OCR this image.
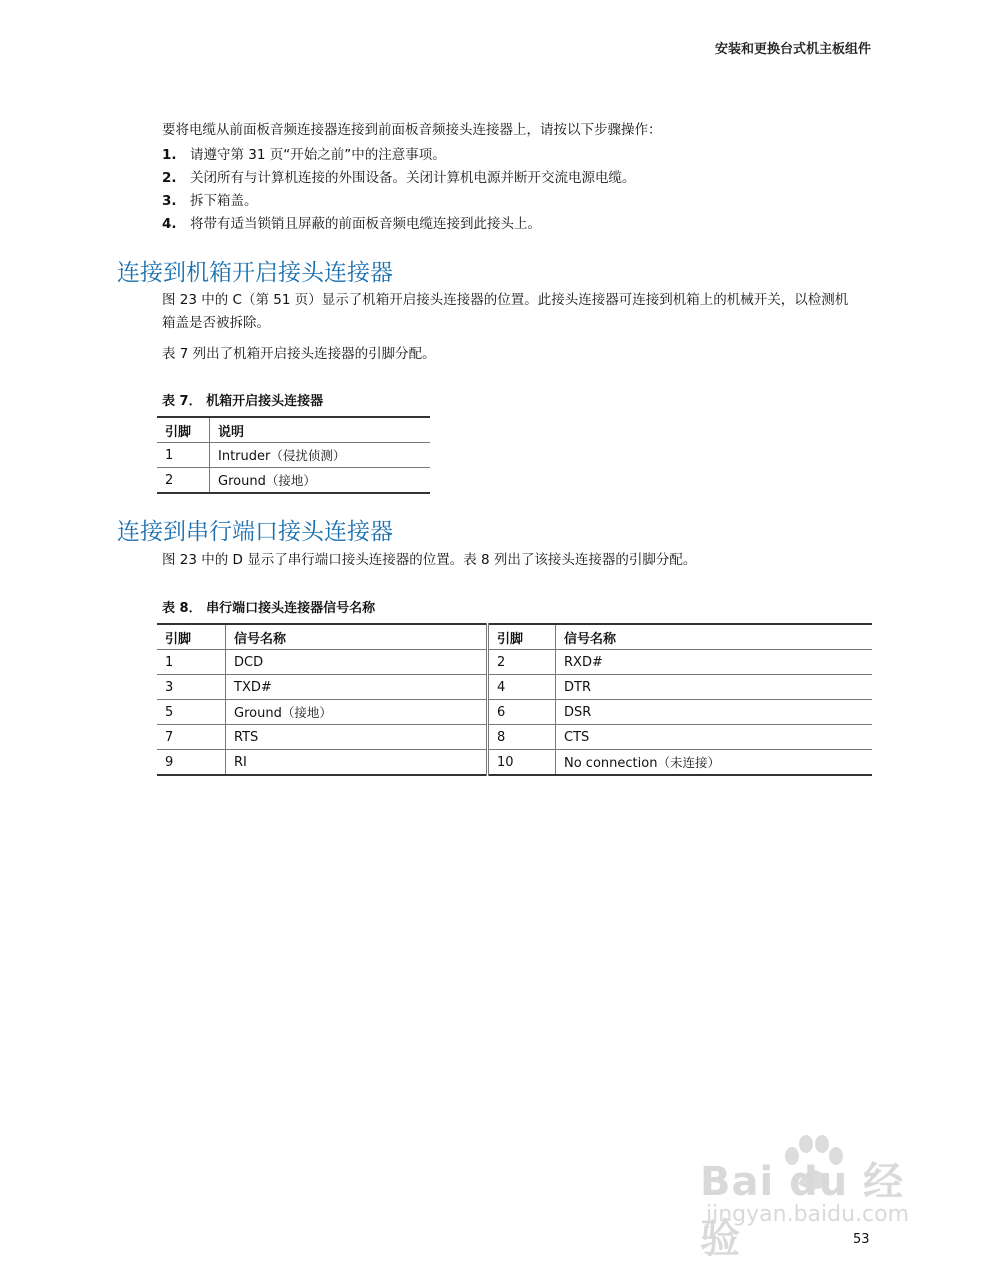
安装和更换台式机主板组件
要将电缆从前面板音频连接器连接到前面板音频接头连接器上，请按以下步骤操作：
1. 请遵守第 31 页“开始之前”中的注意事项。
2. 关闭所有与计算机连接的外围设备。关闭计算机电源并断开交流电源电缆。
3. 拆下箱盖。
4. 将带有适当锁销且屏蔽的前面板音频电缆连接到此接头上。
连接到机箱开启接头连接器
图 23 中的 C（第 51 页）显示了机箱开启接头连接器的位置。此接头连接器可连接到机箱上的机械开关，以检测机箱盖是否被拆除。
表 7 列出了机箱开启接头连接器的引脚分配。
表 7． 机箱开启接头连接器
引脚	说明
1	Intruder（侵扰侦测）
2	Ground（接地）
连接到串行端口接头连接器
图 23 中的 D 显示了串行端口接头连接器的位置。表 8 列出了该接头连接器的引脚分配。
表 8． 串行端口接头连接器信号名称
引脚	信号名称	引脚	信号名称
1	DCD	2	RXD#
3	TXD#	4	DTR
5	Ground（接地）	6	DSR
7	RTS	8	CTS
9	RI	10	No connection（未连接）
Bai du 经验
jingyan.baidu.com
53
